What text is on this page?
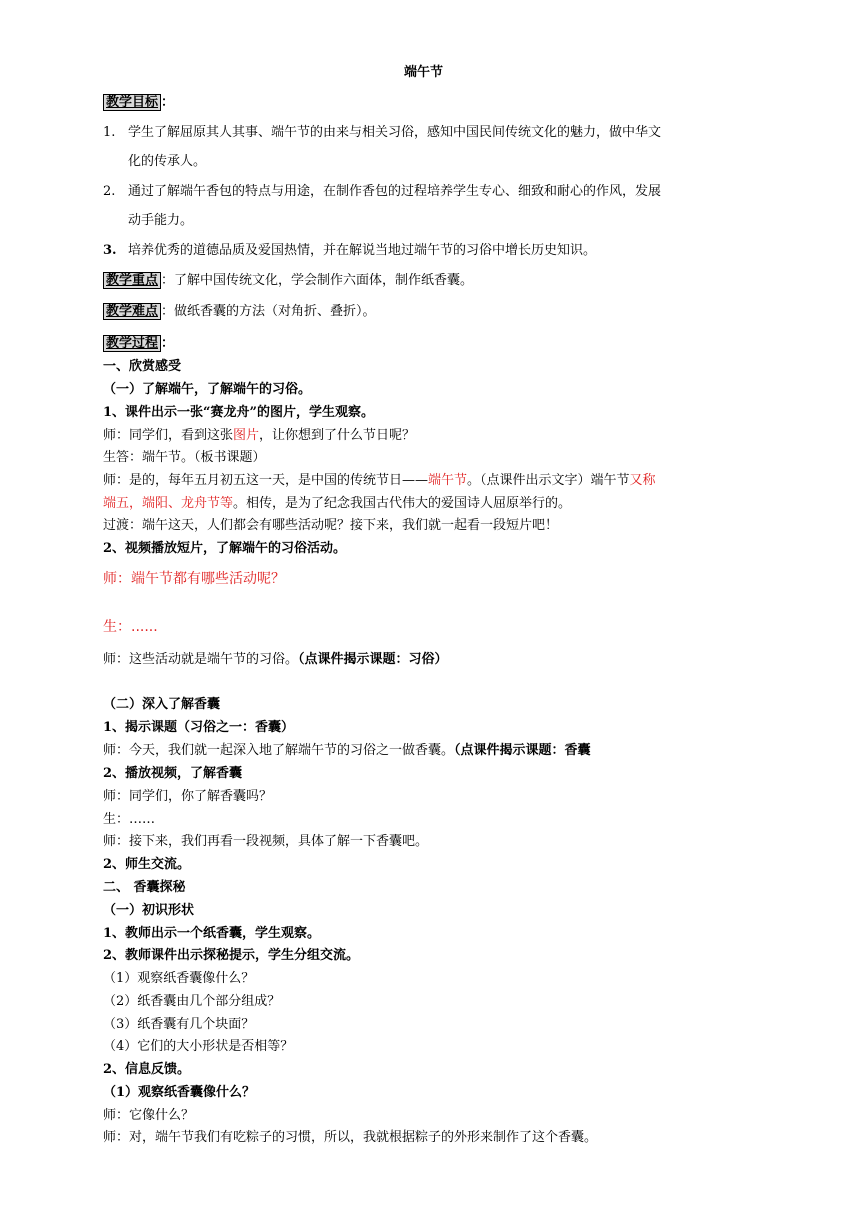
端午节
教学目标 ：
1. 学生了解屈原其人其事、端午节的由来与相关习俗，感知中国民间传统文化的魅力，做中华文
化的传承人。
2. 通过了解端午香包的特点与用途，在制作香包的过程培养学生专心、细致和耐心的作风，发展
动手能力。
3. 培养优秀的道德品质及爱国热情，并在解说当地过端午节的习俗中增长历史知识。
教学重点 ：了解中国传统文化，学会制作六面体，制作纸香囊。
教学难点 ：做纸香囊的方法（对角折、叠折）。
教学过程 ：
一、欣赏感受
（一）了解端午，了解端午的习俗。
1、课件出示一张“赛龙舟”的图片，学生观察。
师：同学们，看到这张图片，让你想到了什么节日呢？
生答：端午节。（板书课题）
师：是的，每年五月初五这一天，是中国的传统节日——端午节。（点课件出示文字）端午节又称
端五，端阳、龙舟节等。相传，是为了纪念我国古代伟大的爱国诗人屈原举行的。
过渡：端午这天，人们都会有哪些活动呢？接下来，我们就一起看一段短片吧！
2、视频播放短片，了解端午的习俗活动。
师：端午节都有哪些活动呢？
生：......
师：这些活动就是端午节的习俗。（点课件揭示课题：习俗）
（二）深入了解香囊
1、揭示课题（习俗之一：香囊）
师：今天，我们就一起深入地了解端午节的习俗之一做香囊。（点课件揭示课题：香囊
2、播放视频，了解香囊
师：同学们，你了解香囊吗？
生：……
师：接下来，我们再看一段视频，具体了解一下香囊吧。
2、师生交流。
二、 香囊探秘
（一）初识形状
1、教师出示一个纸香囊，学生观察。
2、教师课件出示探秘提示，学生分组交流。
（1）观察纸香囊像什么？
（2）纸香囊由几个部分组成？
（3）纸香囊有几个块面？
（4）它们的大小形状是否相等？
2、信息反馈。
（1）观察纸香囊像什么？
师：它像什么？
师：对，端午节我们有吃粽子的习惯，所以，我就根据粽子的外形来制作了这个香囊。
